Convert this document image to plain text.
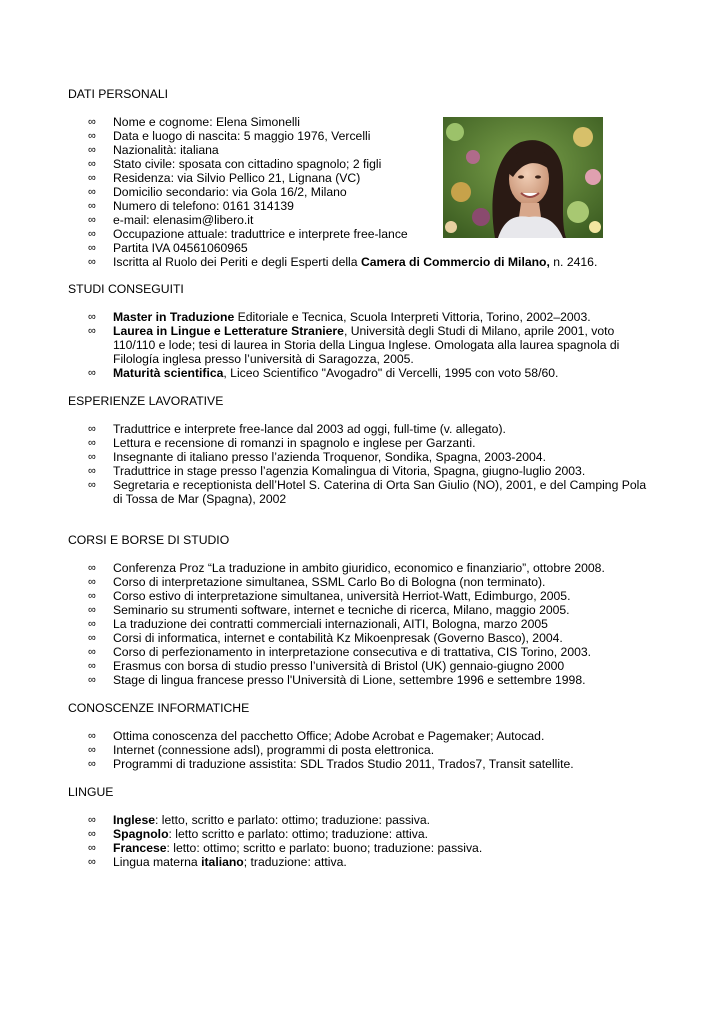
DATI PERSONALI
∞ Nome e cognome: Elena Simonelli
∞ Data e luogo di nascita: 5 maggio 1976, Vercelli
∞ Nazionalità: italiana
∞ Stato civile: sposata con cittadino spagnolo; 2 figli
∞ Residenza: via Silvio Pellico 21, Lignana (VC)
∞ Domicilio secondario: via Gola 16/2, Milano
∞ Numero di telefono: 0161 314139
∞ e-mail: elenasim@libero.it
∞ Occupazione attuale: traduttrice e interprete free-lance
∞ Partita IVA 04561060965
∞ Iscritta al Ruolo dei Periti e degli Esperti della Camera di Commercio di Milano, n. 2416.
STUDI CONSEGUITI
∞ Master in Traduzione Editoriale e Tecnica, Scuola Interpreti Vittoria, Torino, 2002–2003.
∞ Laurea in Lingue e Letterature Straniere, Università degli Studi di Milano, aprile 2001, voto 110/110 e lode; tesi di laurea in Storia della Lingua Inglese. Omologata alla laurea spagnola di Filología inglesa presso l’università di Saragozza, 2005.
∞ Maturità scientifica, Liceo Scientifico "Avogadro" di Vercelli, 1995 con voto 58/60.
ESPERIENZE LAVORATIVE
∞ Traduttrice e interprete free-lance dal 2003 ad oggi, full-time (v. allegato).
∞ Lettura e recensione di romanzi in spagnolo e inglese per Garzanti.
∞ Insegnante di italiano presso l’azienda Troquenor, Sondika, Spagna, 2003-2004.
∞ Traduttrice in stage presso l’agenzia Komalingua di Vitoria, Spagna, giugno-luglio 2003.
∞ Segretaria e receptionista dell’Hotel S. Caterina di Orta San Giulio (NO), 2001, e del Camping Pola di Tossa de Mar (Spagna), 2002
CORSI E BORSE DI STUDIO
∞ Conferenza Proz “La traduzione in ambito giuridico, economico e finanziario”, ottobre 2008.
∞ Corso di interpretazione simultanea, SSML Carlo Bo di Bologna (non terminato).
∞ Corso estivo di interpretazione simultanea, università Herriot-Watt, Edimburgo, 2005.
∞ Seminario su strumenti software, internet e tecniche di ricerca, Milano, maggio 2005.
∞ La traduzione dei contratti commerciali internazionali, AITI, Bologna, marzo 2005
∞ Corsi di informatica, internet e contabilità Kz Mikoenpresak (Governo Basco), 2004.
∞ Corso di perfezionamento in interpretazione consecutiva e di trattativa, CIS Torino, 2003.
∞ Erasmus con borsa di studio presso l’università di Bristol (UK) gennaio-giugno 2000
∞ Stage di lingua francese presso l'Università di Lione, settembre 1996 e settembre 1998.
CONOSCENZE INFORMATICHE
∞ Ottima conoscenza del pacchetto Office; Adobe Acrobat e Pagemaker; Autocad.
∞ Internet (connessione adsl), programmi di posta elettronica.
∞ Programmi di traduzione assistita: SDL Trados Studio 2011, Trados7, Transit satellite.
LINGUE
∞ Inglese: letto, scritto e parlato: ottimo; traduzione: passiva.
∞ Spagnolo: letto scritto e parlato: ottimo; traduzione: attiva.
∞ Francese: letto: ottimo; scritto e parlato: buono; traduzione: passiva.
∞ Lingua materna italiano; traduzione: attiva.
